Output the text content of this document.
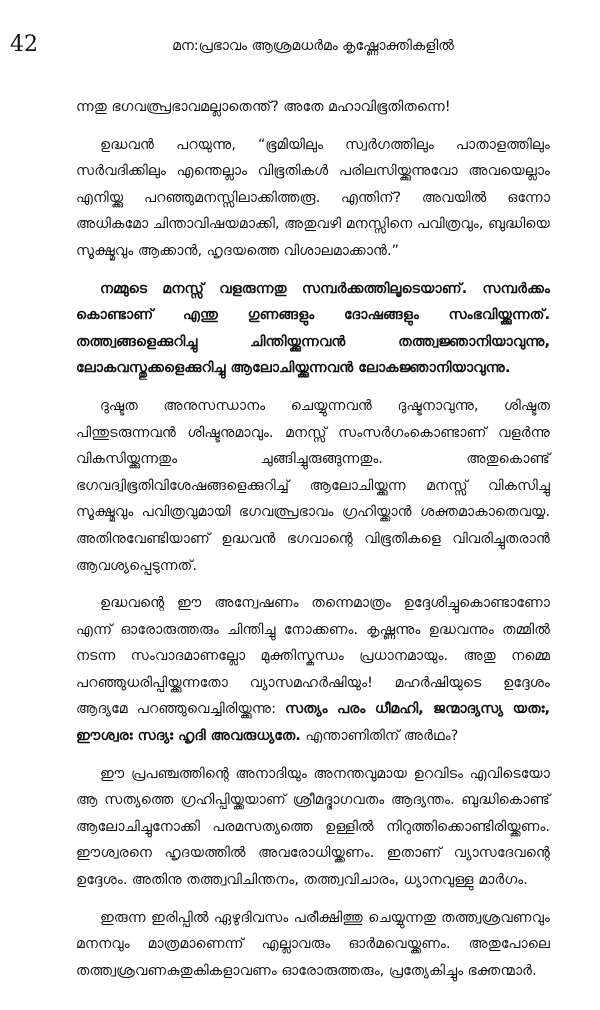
42	മന:പ്രഭാവം ആശ്രമധർമം കൃഷ്ണോക്തികളിൽ

ന്നതു ഭഗവത്പ്രഭാവമല്ലാതെന്ത്? അതേ മഹാവിഭൂതിതന്നെ!

ഉദ്ധവൻ പറയുന്നു, “ഭൂമിയിലും സ്വർഗത്തിലും പാതാളത്തിലും സർവദിക്കിലും എന്തെല്ലാം വിഭൂതികൾ പരിലസിയ്ക്കുന്നുവോ അവയെല്ലാം എനിയ്ക്കു പറഞ്ഞുമനസ്സിലാക്കിത്തരൂ. എന്തിന്? അവയിൽ ഒന്നോ അധികമോ ചിന്താവിഷയമാക്കി, അതുവഴി മനസ്സിനെ പവിത്രവും, ബുദ്ധിയെ സൂക്ഷ്മവും ആക്കാൻ, ഹൃദയത്തെ വിശാലമാക്കാൻ.”

നമ്മുടെ മനസ്സ് വളരുന്നതു സമ്പർക്കത്തിലൂടെയാണ്. സമ്പർക്കം കൊണ്ടാണ് എന്തു ഗുണങ്ങളും ദോഷങ്ങളും സംഭവിയ്ക്കുന്നത്. തത്ത്വങ്ങളെക്കുറിച്ചു ചിന്തിയ്ക്കുന്നവൻ തത്ത്വജ്ഞാനിയാവുന്നു, ലോകവസ്തുക്കളെക്കുറിച്ചു ആലോചിയ്ക്കുന്നവൻ ലോകജ്ഞാനിയാവുന്നു.

ദുഷ്ടത അനുസന്ധാനം ചെയ്യുന്നവൻ ദുഷ്ടനാവുന്നു, ശിഷ്ടത പിന്തുടരുന്നവൻ ശിഷ്ടനുമാവും. മനസ്സ് സംസർഗംകൊണ്ടാണ് വളർന്നു വികസിയ്ക്കുന്നതും ചുങ്ങിച്ചുരുങ്ങുന്നതും. അതുകൊണ്ട് ഭഗവദ്വിഭൂതിവിശേഷങ്ങളെക്കുറിച്ച് ആലോചിയ്ക്കുന്ന മനസ്സ് വികസിച്ചു സൂക്ഷ്മവും പവിത്രവുമായി ഭഗവത്പ്രഭാവം ഗ്രഹിയ്ക്കാൻ ശക്തമാകാതെവയ്യ. അതിനുവേണ്ടിയാണ് ഉദ്ധവൻ ഭഗവാന്റെ വിഭൂതികളെ വിവരിച്ചുതരാൻ ആവശ്യപ്പെടുന്നത്.

ഉദ്ധവന്റെ ഈ അന്വേഷണം തന്നെമാത്രം ഉദ്ദേശിച്ചുകൊണ്ടാണോ എന്ന് ഓരോരുത്തരും ചിന്തിച്ചു നോക്കണം. കൃഷ്ണന്നും ഉദ്ധവന്നും തമ്മിൽ നടന്ന സംവാദമാണല്ലോ മുക്തിസ്കന്ധം പ്രധാനമായും. അതു നമ്മെ പറഞ്ഞുധരിപ്പിയ്ക്കുന്നതോ വ്യാസമഹർഷിയും! മഹർഷിയുടെ ഉദ്ദേശം ആദ്യമേ പറഞ്ഞുവെച്ചിരിയ്ക്കുന്നു: സത്യം പരം ധീമഹി, ജന്മാദ്യസ്യ യതഃ, ഈശ്വരഃ സദ്യഃ ഹൃദി അവരുധ്യതേ. എന്താണിതിന് അർഥം?

ഈ പ്രപഞ്ചത്തിന്റെ അനാദിയും അനന്തവുമായ ഉറവിടം എവിടെയോ ആ സത്യത്തെ ഗ്രഹിപ്പിയ്ക്കയാണ് ശ്രീമദ്ഭാഗവതം ആദ്യന്തം. ബുദ്ധികൊണ്ട് ആലോചിച്ചുനോക്കി പരമസത്യത്തെ ഉള്ളിൽ നിറുത്തിക്കൊണ്ടിരിയ്ക്കണം. ഈശ്വരനെ ഹൃദയത്തിൽ അവരോധിയ്ക്കണം. ഇതാണ് വ്യാസദേവന്റെ ഉദ്ദേശം. അതിനു തത്ത്വവിചിന്തനം, തത്ത്വവിചാരം, ധ്യാനവുള്ളു മാർഗം.

ഇരുന്ന ഇരിപ്പിൽ ഏഴുദിവസം പരീക്ഷിത്തു ചെയ്യുന്നതു തത്ത്വശ്രവണവും മനനവും മാത്രമാണെന്ന് എല്ലാവരും ഓർമവെയ്ക്കണം. അതുപോലെ തത്ത്വശ്രവണകുതുകികളാവണം ഓരോരുത്തരും, പ്രത്യേകിച്ചും ഭക്തന്മാർ.
